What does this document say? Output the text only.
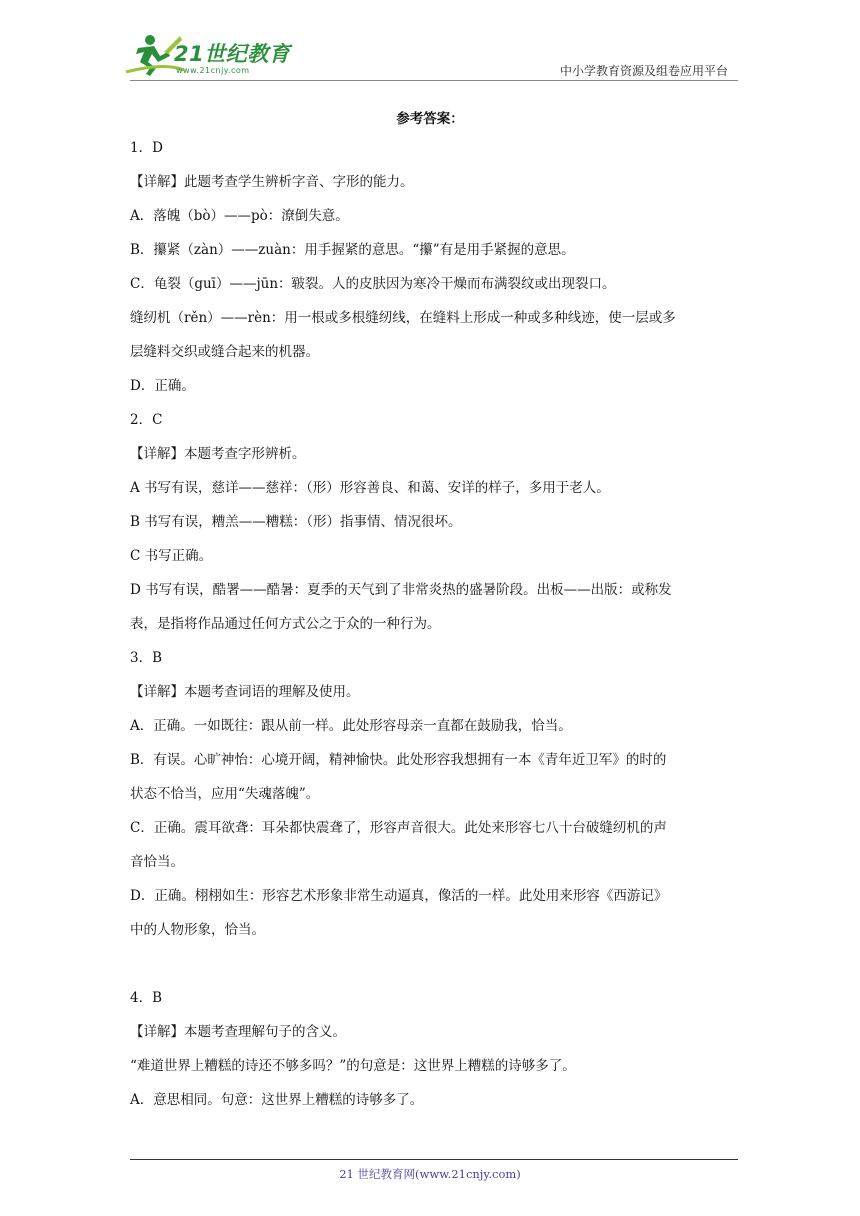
21世纪教育
www.21cnjy.com	中小学教育资源及组卷应用平台
参考答案：

1．D

【详解】此题考查学生辨析字音、字形的能力。

A．落魄（bò）——pò：潦倒失意。

B．攥紧（zàn）——zuàn：用手握紧的意思。“攥”有是用手紧握的意思。

C．龟裂（guī）——jūn：皲裂。人的皮肤因为寒冷干燥而布满裂纹或出现裂口。

缝纫机（rěn）——rèn：用一根或多根缝纫线，在缝料上形成一种或多种线迹，使一层或多

层缝料交织或缝合起来的机器。

D．正确。

2．C

【详解】本题考查字形辨析。

A 书写有误，慈详——慈祥：（形）形容善良、和蔼、安详的样子，多用于老人。

B 书写有误，糟羔——糟糕：（形）指事情、情况很坏。

C 书写正确。

D 书写有误，酷署——酷暑：夏季的天气到了非常炎热的盛暑阶段。出板——出版：或称发

表，是指将作品通过任何方式公之于众的一种行为。

3．B

【详解】本题考查词语的理解及使用。

A．正确。一如既往：跟从前一样。此处形容母亲一直都在鼓励我，恰当。

B．有误。心旷神怡：心境开阔，精神愉快。此处形容我想拥有一本《青年近卫军》的时的

状态不恰当，应用“失魂落魄”。

C．正确。震耳欲聋：耳朵都快震聋了，形容声音很大。此处来形容七八十台破缝纫机的声

音恰当。

D．正确。栩栩如生：形容艺术形象非常生动逼真，像活的一样。此处用来形容《西游记》

中的人物形象，恰当。

4．B

【详解】本题考查理解句子的含义。

“难道世界上糟糕的诗还不够多吗？”的句意是：这世界上糟糕的诗够多了。

A．意思相同。句意：这世界上糟糕的诗够多了。

21 世纪教育网(www.21cnjy.com)
